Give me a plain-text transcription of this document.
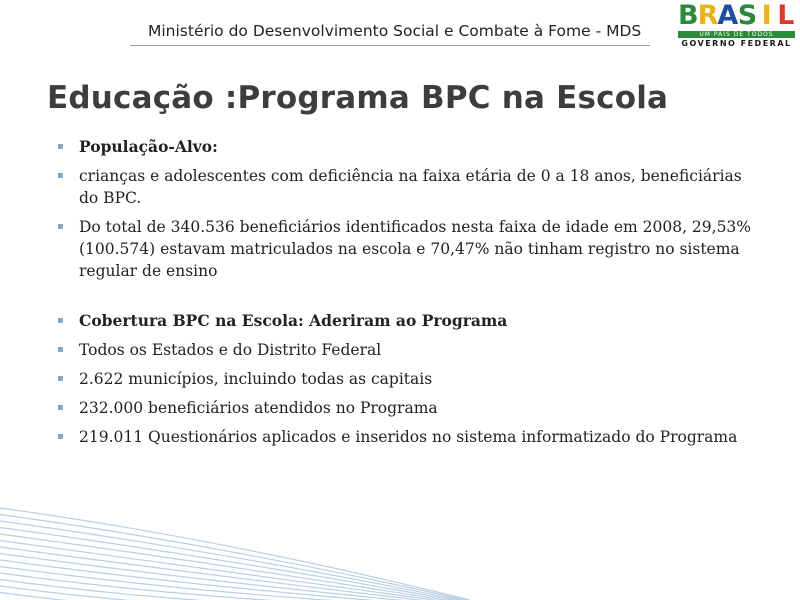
Ministério do Desenvolvimento Social e Combate à Fome - MDS B R A S I L
UM PAÍS DE TODOS
GOVERNO FEDERAL
Educação :Programa BPC na Escola
▪ População-Alvo:
▪ crianças e adolescentes com deficiência na faixa etária de 0 a 18 anos, beneficiárias do BPC.
▪ Do total de 340.536 beneficiários identificados nesta faixa de idade em 2008, 29,53% (100.574) estavam matriculados na escola e 70,47% não tinham registro no sistema regular de ensino
▪ Cobertura BPC na Escola: Aderiram ao Programa
▪ Todos os Estados e do Distrito Federal
▪ 2.622 municípios, incluindo todas as capitais
▪ 232.000 beneficiários atendidos no Programa
▪ 219.011 Questionários aplicados e inseridos no sistema informatizado do Programa
